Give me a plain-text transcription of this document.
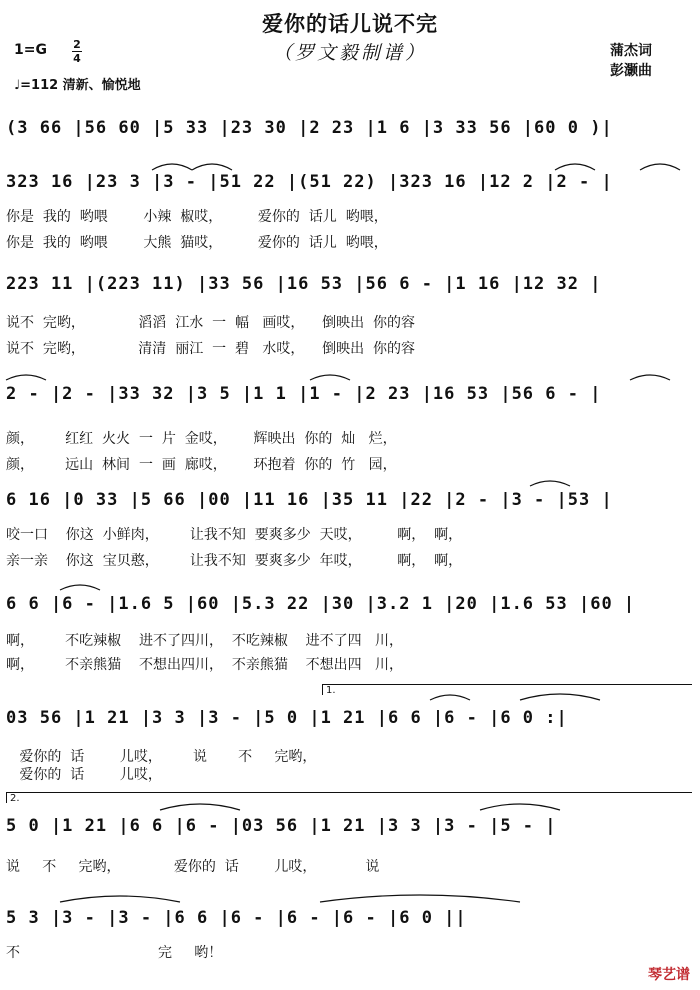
爱你的话儿说不完
（罗文毅制谱）
1=G 2
4
♩=112 清新、愉悦地
蒲杰词
彭灏曲
(3 66 |56 60 |5 33 |23 30 |2 23 |1 6 |3 33 56 |60 0 )|
323 16 |23 3 |3 - |51 22 |(51 22) |323 16 |12 2 |2 - |
你是  我的  哟喂        小辣  椒哎，        爱你的  话儿  哟喂，
你是  我的  哟喂        大熊  猫哎，        爱你的  话儿  哟喂，
223 11 |(223 11) |33 56 |16 53 |56 6 - |1 16 |12 32 |
说不  完哟，            滔滔  江水  一  幅   画哎，    倒映出  你的容
说不  完哟，            清清  丽江  一  碧   水哎，    倒映出  你的容
2 - |2 - |33 32 |3 5 |1 1 |1 - |2 23 |16 53 |56 6 - |
颜，       红红  火火  一  片  金哎，      辉映出  你的  灿   烂，
颜，       远山  林间  一  画  廊哎，      环抱着  你的  竹   园，
6 16 |0 33 |5 66 |00 |11 16 |35 11 |22 |2 - |3 - |53 |
咬一口    你这  小鲜肉，       让我不知  要爽多少  天哎，        啊，  啊，
亲一亲    你这  宝贝憨，       让我不知  要爽多少  年哎，        啊，  啊，
6 6 |6 - |1.6 5 |60 |5.3 22 |30 |3.2 1 |20 |1.6 53 |60 |
啊，       不吃辣椒    进不了四川，  不吃辣椒    进不了四   川，
啊，       不亲熊猫    不想出四川，  不亲熊猫    不想出四   川，
1.
03 56 |1 21 |3 3 |3 - |5 0 |1 21 |6 6 |6 - |6 0 :|
爱你的  话        儿哎，       说       不     完哟，
爱你的  话        儿哎，
2.
5 0 |1 21 |6 6 |6 - |03 56 |1 21 |3 3 |3 - |5 - |
说     不     完哟，            爱你的  话        儿哎，           说
5 3 |3 - |3 - |6 6 |6 - |6 - |6 - |6 0 ||
不                               完     哟！
琴艺谱
